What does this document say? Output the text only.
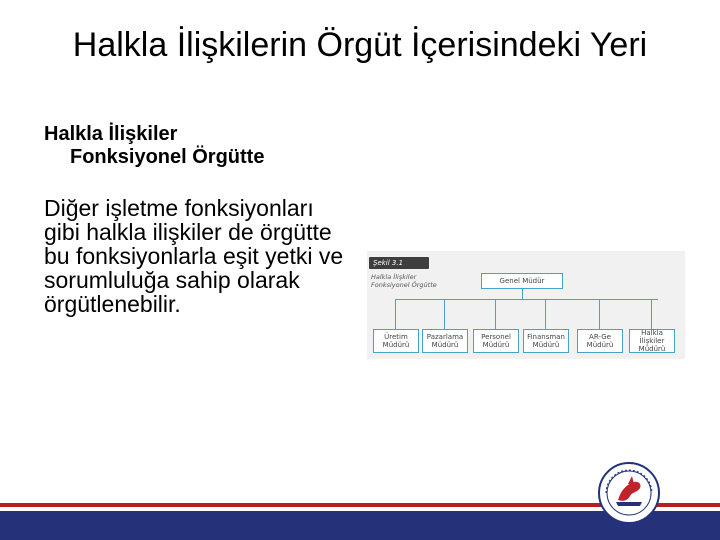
Halkla İlişkilerin Örgüt İçerisindeki Yeri
Halkla İlişkiler
Fonksiyonel Örgütte
Diğer işletme fonksiyonları gibi halkla ilişkiler de örgütte bu fonksiyonlarla eşit yetki ve sorumluluğa sahip olarak örgütlenebilir.
Şekil 3.1
Halkla İlişkiler Fonksiyonel Örgütte	Genel Müdür
Üretim Müdürü
Pazarlama Müdürü
Personel Müdürü
Finansman Müdürü
AR-Ge Müdürü
Halkla İlişkiler Müdürü
